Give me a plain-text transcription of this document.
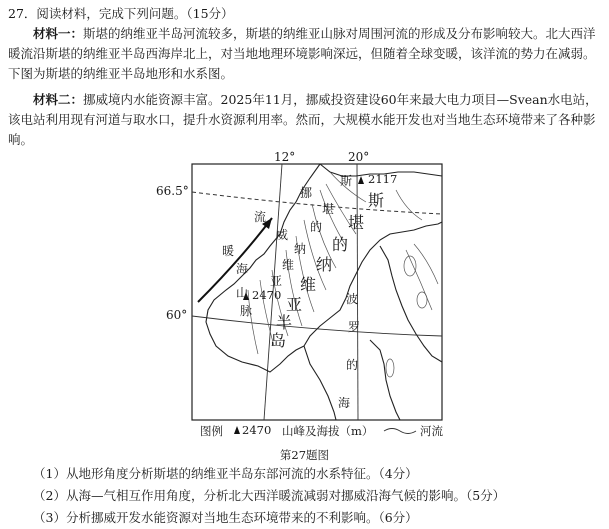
27．阅读材料，完成下列问题。（15分）
材料一：斯堪的纳维亚半岛河流较多，斯堪的纳维亚山脉对周围河流的形成及分布影响较大。北大西洋暖流沿斯堪的纳维亚半岛西海岸北上，对当地地理环境影响深远，但随着全球变暖，该洋流的势力在减弱。下图为斯堪的纳维亚半岛地形和水系图。
材料二：挪威境内水能资源丰富。2025年11月，挪威投资建设60年来最大电力项目—Svean水电站，该电站利用现有河道与取水口，提升水资源利用率。然而，大规模水能开发也对当地生态环境带来了各种影响。
12°	20°
66.5°
60°
2117
2470
挪
威
暖
流
海
山
脉
亚
斯
堪
的
纳
维
亚
半
岛
斯
堪
的
纳
维
波
罗
的
海
图例 2470 山峰及海拔（m）	河流
第27题图
（1）从地形角度分析斯堪的纳维亚半岛东部河流的水系特征。（4分）
（2）从海—气相互作用角度，分析北大西洋暖流减弱对挪威沿海气候的影响。（5分）
（3）分析挪威开发水能资源对当地生态环境带来的不利影响。（6分）
